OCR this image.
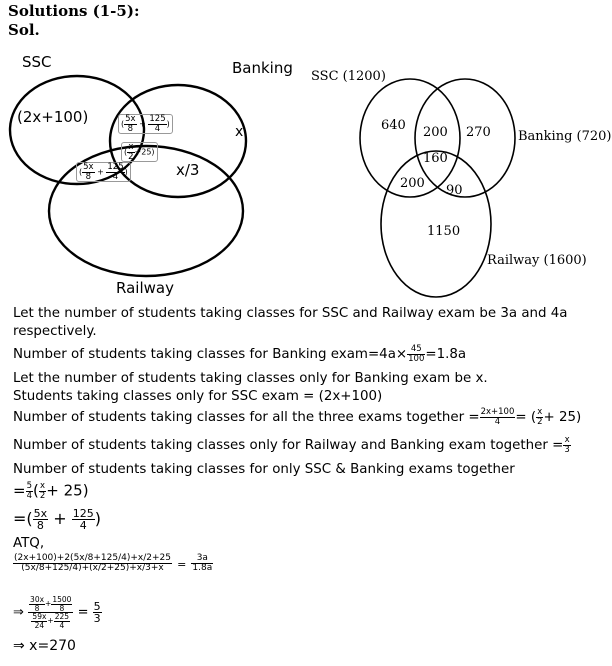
Solutions (1-5):
Sol.
SSC	Banking
Railway
(2x+100)
x
x/3
( $\frac{5x}{8} + \frac{125}{4}$ )
( $\frac{x}{2} +25$)
( $\frac{5x}{8} + \frac{125}{4}$ )
SSC (1200)
Banking (720)
Railway (1600)
640 200 270
160
200 90
1150
Let the number of students taking classes for SSC and Railway exam be 3a and 4a
respectively.
Number of students taking classes for Banking exam=4a× $\frac{45}{100} =1.8a$
Let the number of students taking classes only for Banking exam be x.
Students taking classes only for SSC exam = (2x+100)
Number of students taking classes for all the three exams together = $\frac{2x+100}{4}$ = ( $\frac{x}{2} + 25$)
Number of students taking classes only for Railway and Banking exam together = $\frac{x}{3}$
Number of students taking classes for only SSC & Banking exams together
= $\frac{5}{4}$ ( $\frac{x}{2} + 25$)
=( $\frac{5x}{8} + \frac{125}{4}$ )
ATQ,
$\frac{(2x+100)+2(5x/8+125/4)+x/2+25}{(5x/8+125/4)+(x/2+25)+x/3+x} = \frac{3a}{1.8a}$
⇒ $\frac{\frac{30x}{8} + \frac{1500}{8}}{\frac{59x}{24} + \frac{225}{4}} = \frac{5}{3}$
⇒ x=270
